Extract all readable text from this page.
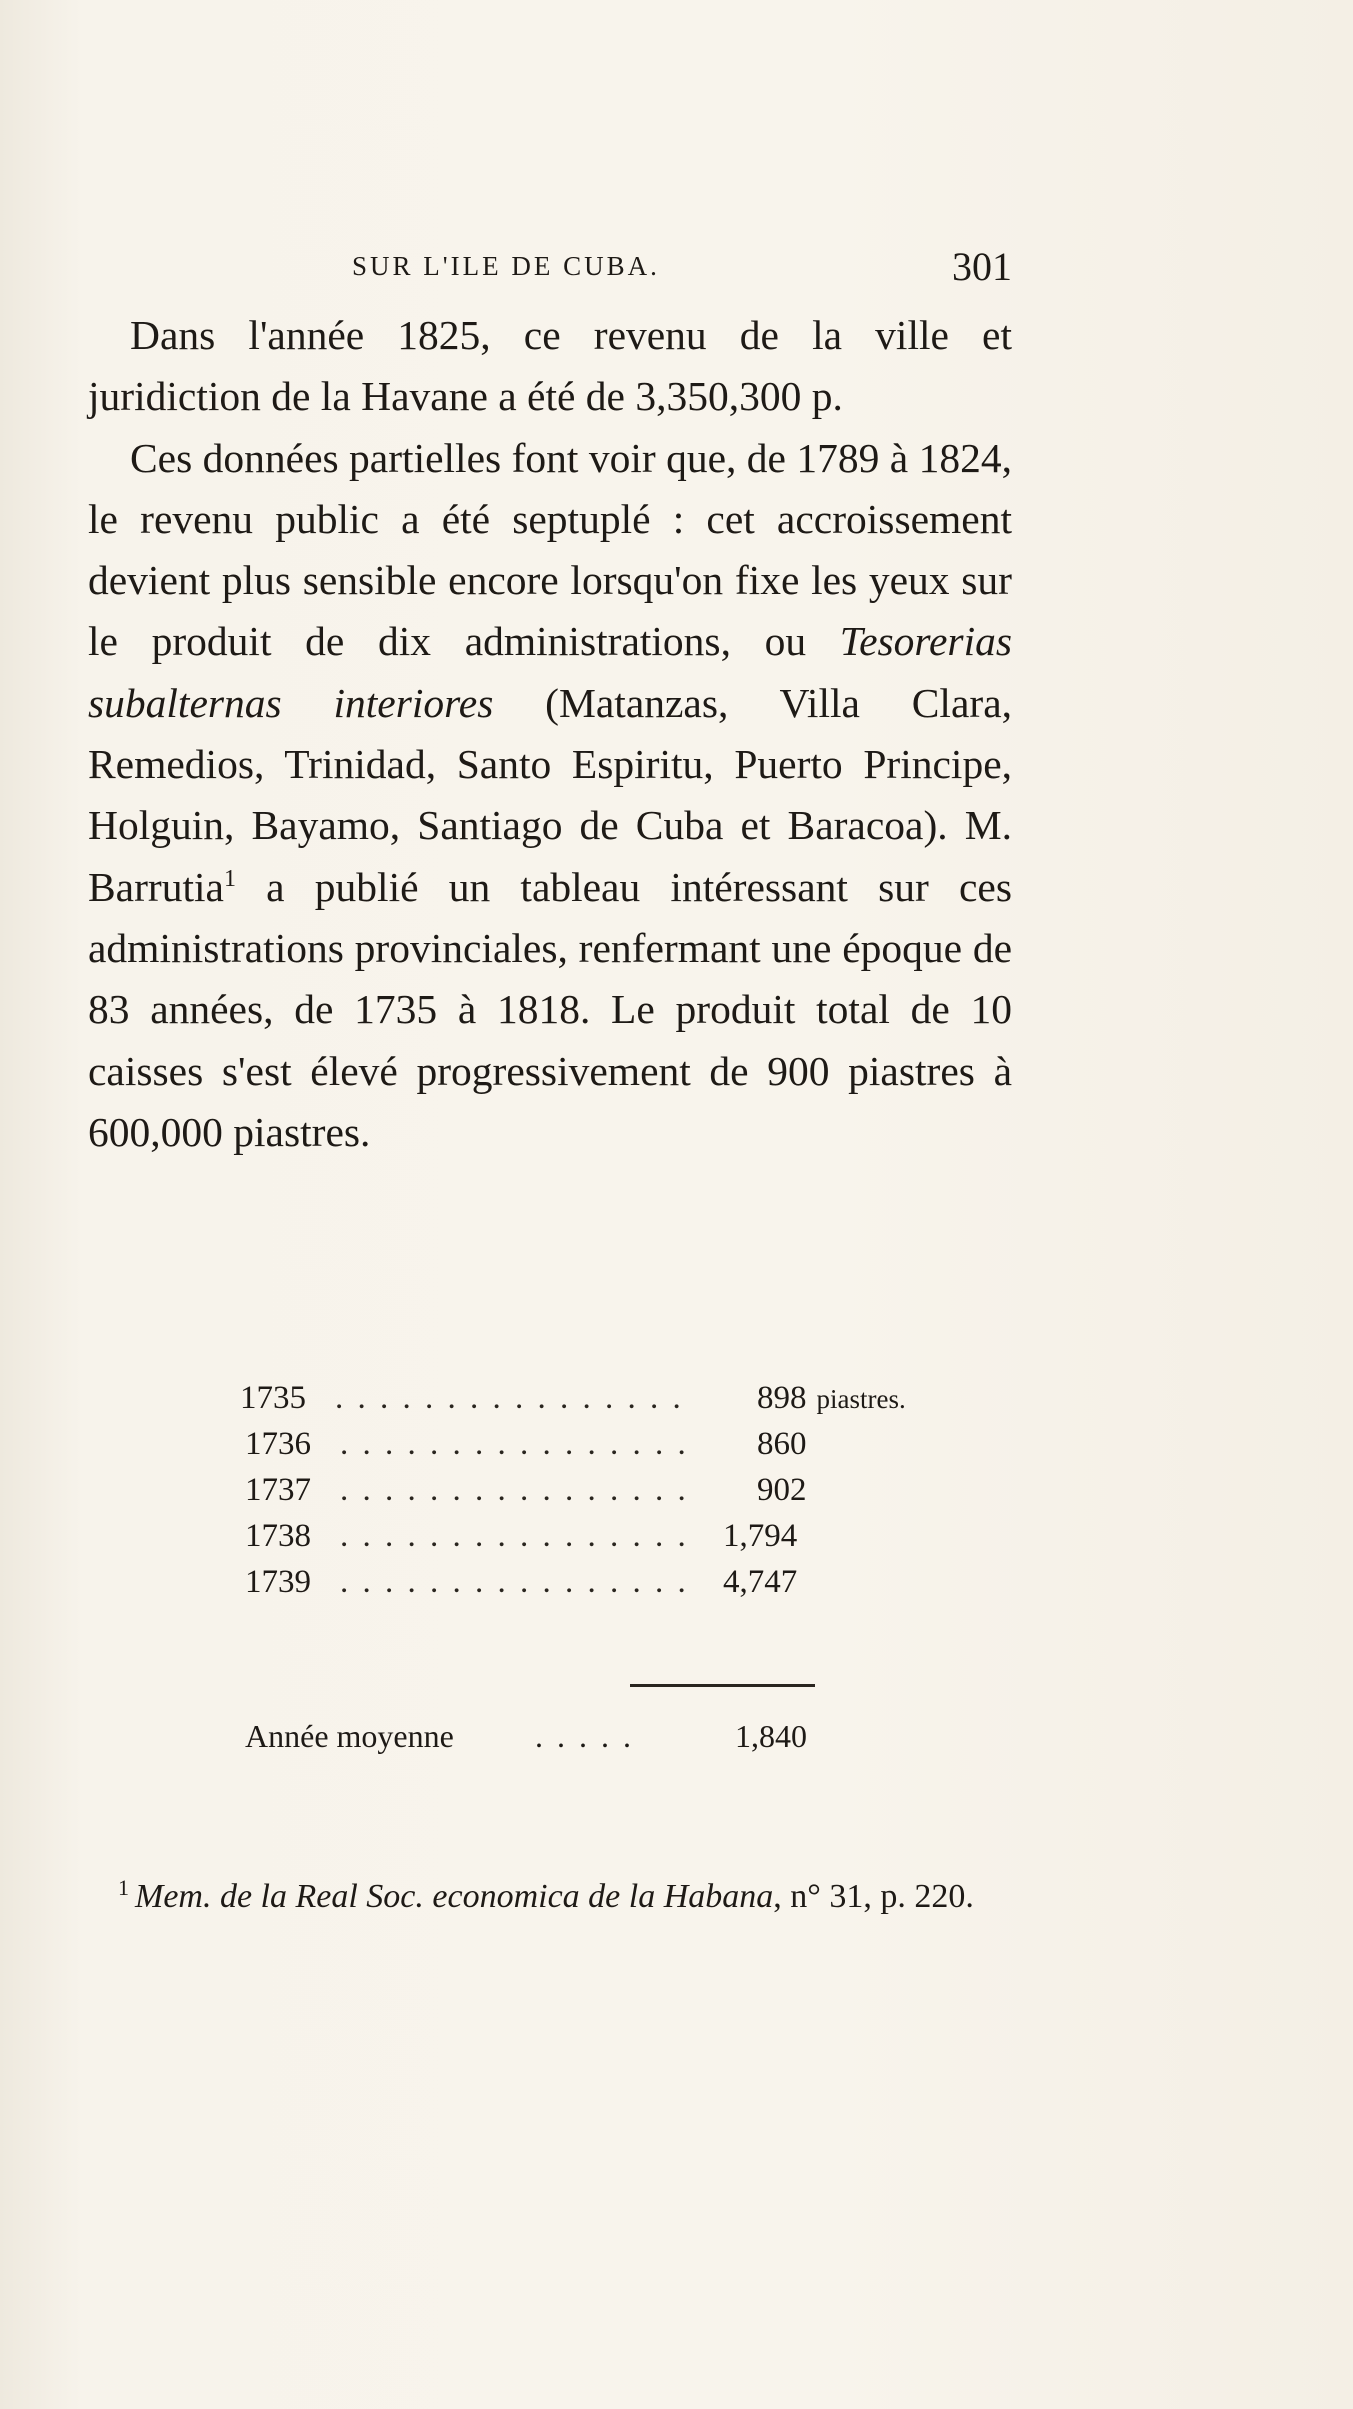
SUR L'ILE DE CUBA.	301

Dans l'année 1825, ce revenu de la ville et juridiction de la Havane a été de 3,350,300 p.

Ces données partielles font voir que, de 1789 à 1824, le revenu public a été septuplé : cet accroissement devient plus sensible encore lorsqu'on fixe les yeux sur le produit de dix administrations, ou Tesorerias subalternas interiores (Matanzas, Villa Clara, Remedios, Trinidad, Santo Espiritu, Puerto Principe, Holguin, Bayamo, Santiago de Cuba et Baracoa). M. Barrutia$^1$ a publié un tableau intéressant sur ces administrations provinciales, renfermant une époque de 83 années, de 1735 à 1818. Le produit total de 10 caisses s'est élevé progressivement de 900 piastres à 600,000 piastres.

1735 . . . . . . . . . . . . . . . . 898 piastres.
1736 . . . . . . . . . . . . . . . . 860
1737 . . . . . . . . . . . . . . . . 902
1738 . . . . . . . . . . . . . . . . 1,794
1739 . . . . . . . . . . . . . . . . 4,747
Année moyenne	. . . . .	1,840

$^1$ Mem. de la Real Soc. economica de la Habana, n° 31, p. 220.
